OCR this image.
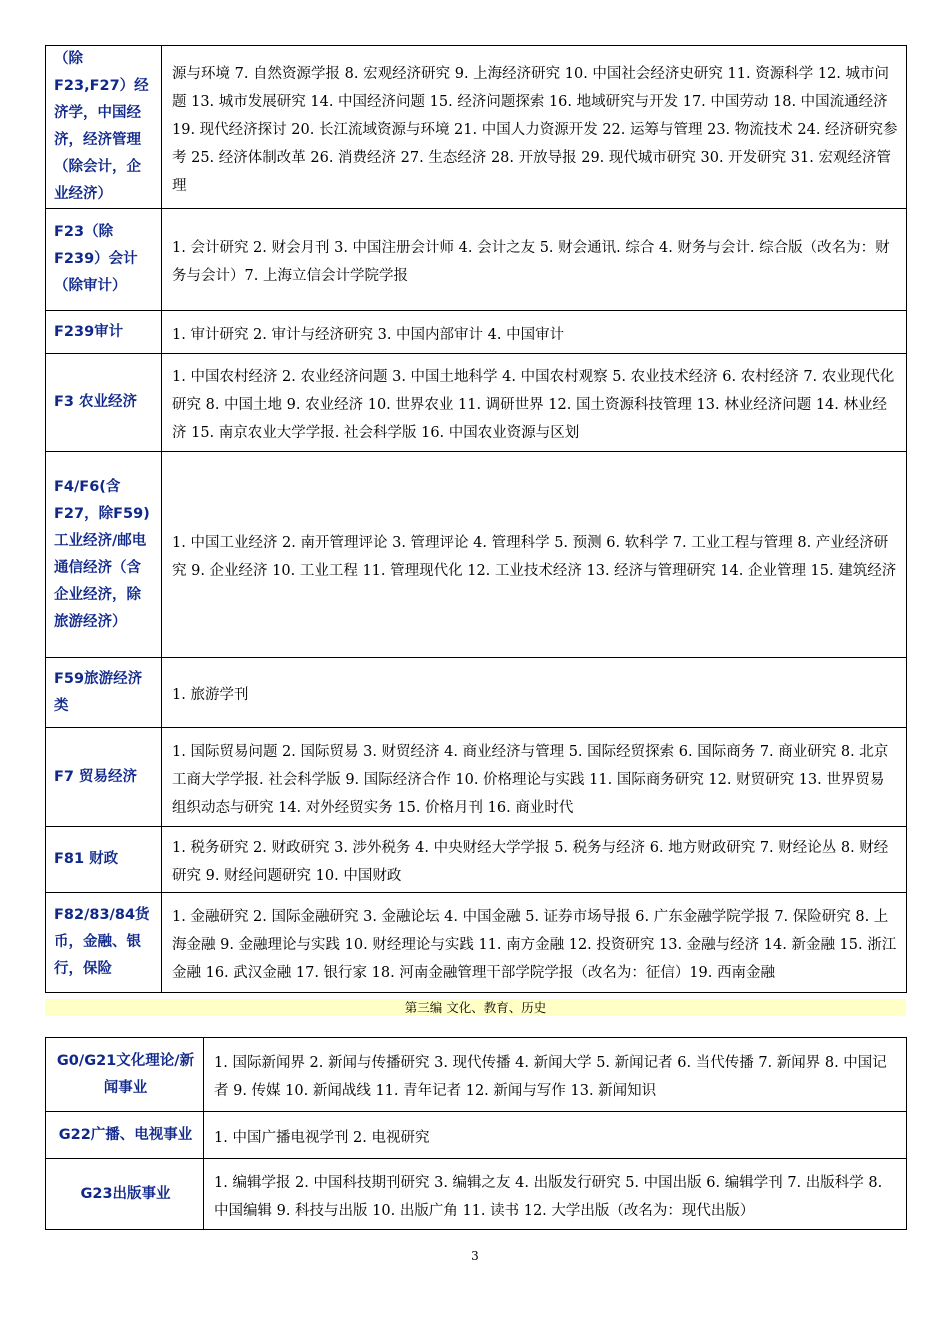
（除F23,F27）经济学，中国经济，经济管理（除会计，企业经济）	源与环境 7. 自然资源学报 8. 宏观经济研究 9. 上海经济研究 10. 中国社会经济史研究 11. 资源科学 12. 城市问题 13. 城市发展研究 14. 中国经济问题 15. 经济问题探索 16. 地域研究与开发 17. 中国劳动 18. 中国流通经济 19. 现代经济探讨 20. 长江流域资源与环境 21. 中国人力资源开发 22. 运筹与管理 23. 物流技术 24. 经济研究参考 25. 经济体制改革 26. 消费经济 27. 生态经济 28. 开放导报 29. 现代城市研究 30. 开发研究 31. 宏观经济管理

F23（除F239）会计（除审计）	1. 会计研究 2. 财会月刊 3. 中国注册会计师 4. 会计之友 5. 财会通讯. 综合 4. 财务与会计. 综合版（改名为：财务与会计）7. 上海立信会计学院学报

F239审计	1. 审计研究 2. 审计与经济研究 3. 中国内部审计 4. 中国审计

F3 农业经济	1. 中国农村经济 2. 农业经济问题 3. 中国土地科学 4. 中国农村观察 5. 农业技术经济 6. 农村经济 7. 农业现代化研究 8. 中国土地 9. 农业经济 10. 世界农业 11. 调研世界 12. 国土资源科技管理 13. 林业经济问题 14. 林业经济 15. 南京农业大学学报. 社会科学版 16. 中国农业资源与区划

F4/F6(含F27，除F59)工业经济/邮电通信经济（含企业经济，除旅游经济）	1. 中国工业经济 2. 南开管理评论 3. 管理评论 4. 管理科学 5. 预测 6. 软科学 7. 工业工程与管理 8. 产业经济研究 9. 企业经济 10. 工业工程 11. 管理现代化 12. 工业技术经济 13. 经济与管理研究 14. 企业管理 15. 建筑经济

F59旅游经济类	1. 旅游学刊

F7 贸易经济	1. 国际贸易问题 2. 国际贸易 3. 财贸经济 4. 商业经济与管理 5. 国际经贸探索 6. 国际商务 7. 商业研究 8. 北京工商大学学报. 社会科学版 9. 国际经济合作 10. 价格理论与实践 11. 国际商务研究 12. 财贸研究 13. 世界贸易组织动态与研究 14. 对外经贸实务 15. 价格月刊 16. 商业时代

F81 财政	1. 税务研究 2. 财政研究 3. 涉外税务 4. 中央财经大学学报 5. 税务与经济 6. 地方财政研究 7. 财经论丛 8. 财经研究 9. 财经问题研究 10. 中国财政

F82/83/84货币，金融、银行，保险	1. 金融研究 2. 国际金融研究 3. 金融论坛 4. 中国金融 5. 证券市场导报 6. 广东金融学院学报 7. 保险研究 8. 上海金融 9. 金融理论与实践 10. 财经理论与实践 11. 南方金融 12. 投资研究 13. 金融与经济 14. 新金融 15. 浙江金融 16. 武汉金融 17. 银行家 18. 河南金融管理干部学院学报（改名为：征信）19. 西南金融
第三编 文化、教育、历史
G0/G21文化理论/新闻事业	1. 国际新闻界 2. 新闻与传播研究 3. 现代传播 4. 新闻大学 5. 新闻记者 6. 当代传播 7. 新闻界 8. 中国记者 9. 传媒 10. 新闻战线 11. 青年记者 12. 新闻与写作 13. 新闻知识

G22广播、电视事业	1. 中国广播电视学刊 2. 电视研究

G23出版事业	1. 编辑学报 2. 中国科技期刊研究 3. 编辑之友 4. 出版发行研究 5. 中国出版 6. 编辑学刊 7. 出版科学 8. 中国编辑 9. 科技与出版 10. 出版广角 11. 读书 12. 大学出版（改名为：现代出版）
3
